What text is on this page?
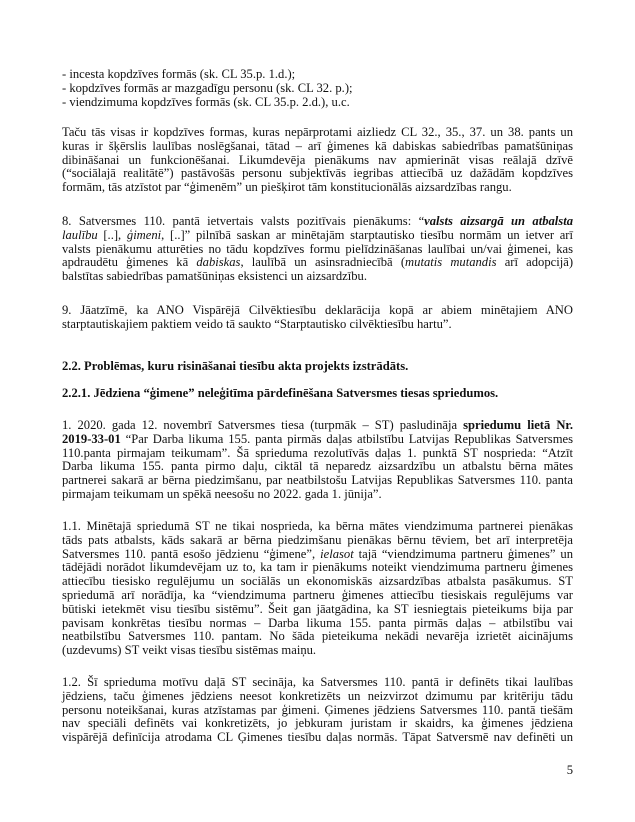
- incesta kopdzīves formās (sk. CL 35.p. 1.d.);
- kopdzīves formās ar mazgadīgu personu (sk. CL 32. p.);
- viendzimuma kopdzīves formās (sk. CL 35.p. 2.d.), u.c.
Taču tās visas ir kopdzīves formas, kuras nepārprotami aizliedz CL 32., 35., 37. un 38. pants un
kuras ir šķērslis laulības noslēgšanai, tātad – arī ģimenes kā dabiskas sabiedrības pamatšūniņas
dibināšanai un funkcionēšanai. Likumdevēja pienākums nav apmierināt visas reālajā dzīvē
(“sociālajā realitātē”) pastāvošās personu subjektīvās iegribas attiecībā uz dažādām kopdzīves
formām, tās atzīstot par “ģimenēm” un piešķirot tām konstitucionālās aizsardzības rangu.
8. Satversmes 110. pantā ietvertais valsts pozitīvais pienākums: “valsts aizsargā un atbalsta
laulību [..], ģimeni, [..]” pilnībā saskan ar minētajām starptautisko tiesību normām un ietver arī
valsts pienākumu atturēties no tādu kopdzīves formu pielīdzināšanas laulībai un/vai ģimenei, kas
apdraudētu ģimenes kā dabiskas, laulībā un asinsradniecībā (mutatis mutandis arī adopcijā)
balstītas sabiedrības pamatšūniņas eksistenci un aizsardzību.
9. Jāatzīmē, ka ANO Vispārējā Cilvēktiesību deklarācija kopā ar abiem minētajiem ANO
starptautiskajiem paktiem veido tā saukto “Starptautisko cilvēktiesību hartu”.
2.2. Problēmas, kuru risināšanai tiesību akta projekts izstrādāts.
2.2.1. Jēdziena “ģimene” neleģitīma pārdefinēšana Satversmes tiesas spriedumos.
1. 2020. gada 12. novembrī Satversmes tiesa (turpmāk – ST) pasludināja spriedumu lietā Nr.
2019-33-01 “Par Darba likuma 155. panta pirmās daļas atbilstību Latvijas Republikas Satversmes
110.panta pirmajam teikumam”. Šā sprieduma rezolutīvās daļas 1. punktā ST nosprieda: “Atzīt
Darba likuma 155. panta pirmo daļu, ciktāl tā neparedz aizsardzību un atbalstu bērna mātes
partnerei sakarā ar bērna piedzimšanu, par neatbilstošu Latvijas Republikas Satversmes 110. panta
pirmajam teikumam un spēkā neesošu no 2022. gada 1. jūnija”.
1.1. Minētajā spriedumā ST ne tikai nosprieda, ka bērna mātes viendzimuma partnerei pienākas
tāds pats atbalsts, kāds sakarā ar bērna piedzimšanu pienākas bērnu tēviem, bet arī interpretēja
Satversmes 110. pantā esošo jēdzienu “ģimene”, ielasot tajā “viendzimuma partneru ģimenes” un
tādējādi norādot likumdevējam uz to, ka tam ir pienākums noteikt viendzimuma partneru ģimenes
attiecību tiesisko regulējumu un sociālās un ekonomiskās aizsardzības atbalsta pasākumus. ST
spriedumā arī norādīja, ka “viendzimuma partneru ģimenes attiecību tiesiskais regulējums var
būtiski ietekmēt visu tiesību sistēmu”. Šeit gan jāatgādina, ka ST iesniegtais pieteikums bija par
pavisam konkrētas tiesību normas – Darba likuma 155. panta pirmās daļas – atbilstību vai
neatbilstību Satversmes 110. pantam. No šāda pieteikuma nekādi nevarēja izrietēt aicinājums
(uzdevums) ST veikt visas tiesību sistēmas maiņu.
1.2. Šī sprieduma motīvu daļā ST secināja, ka Satversmes 110. pantā ir definēts tikai laulības
jēdziens, taču ģimenes jēdziens neesot konkretizēts un neizvirzot dzimumu par kritēriju tādu
personu noteikšanai, kuras atzīstamas par ģimeni. Ģimenes jēdziens Satversmes 110. pantā tiešām
nav speciāli definēts vai konkretizēts, jo jebkuram juristam ir skaidrs, ka ģimenes jēdziena
vispārējā definīcija atrodama CL Ģimenes tiesību daļas normās. Tāpat Satversmē nav definēti un
5
